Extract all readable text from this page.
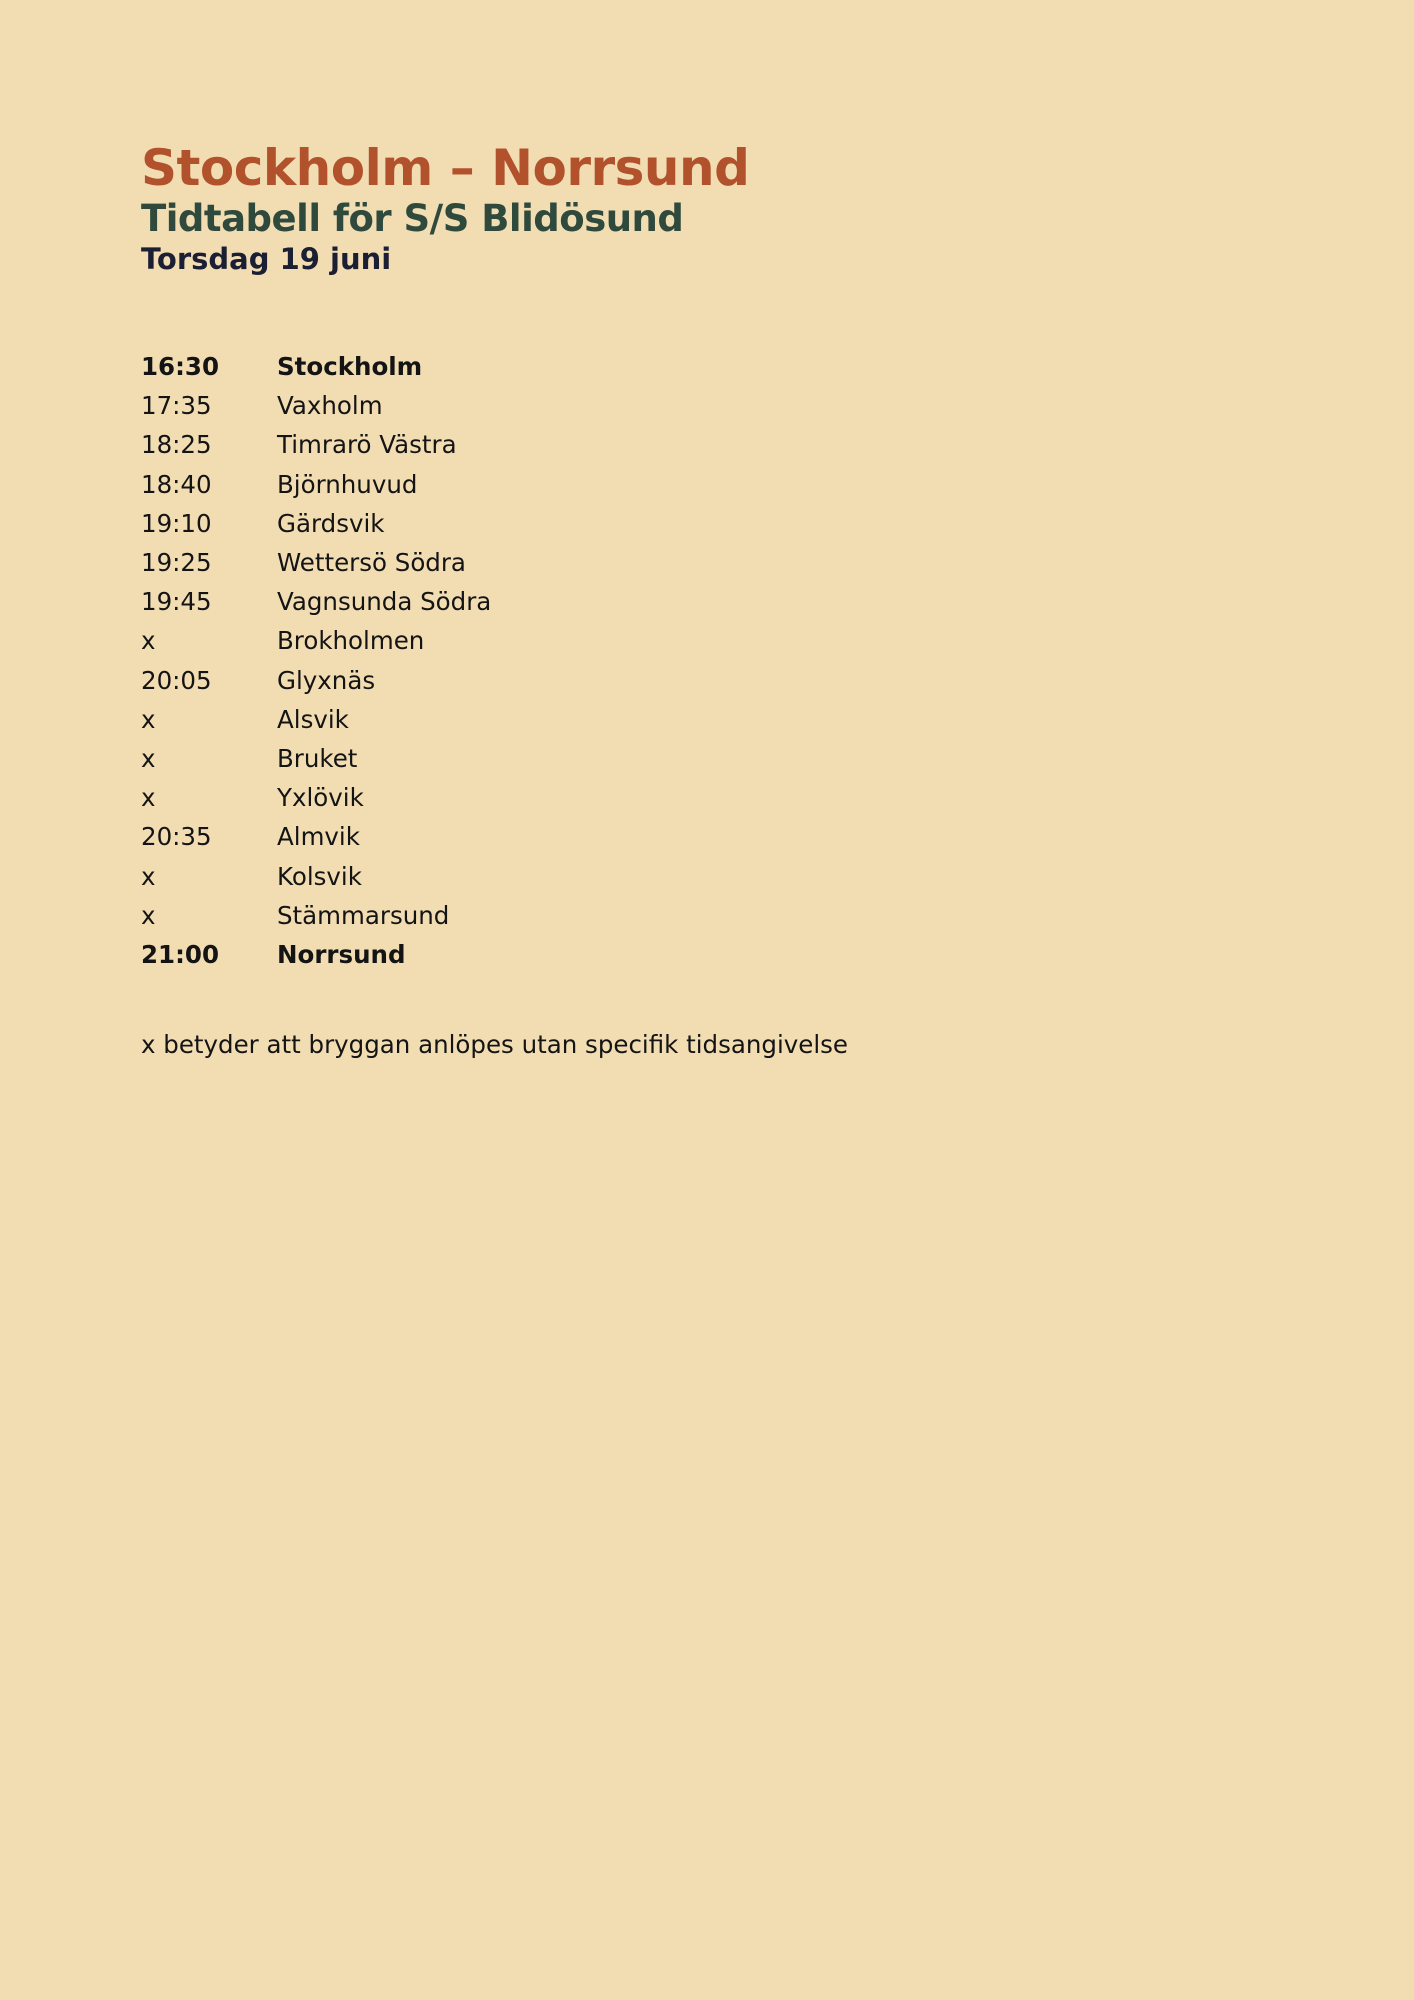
Stockholm – Norrsund
Tidtabell för S/S Blidösund
Torsdag 19 juni
16:30	Stockholm
17:35	Vaxholm
18:25	Timrarö Västra
18:40	Björnhuvud
19:10	Gärdsvik
19:25	Wettersö Södra
19:45	Vagnsunda Södra
x	Brokholmen
20:05	Glyxnäs
x	Alsvik
x	Bruket
x	Yxlövik
20:35	Almvik
x	Kolsvik
x	Stämmarsund
21:00	Norrsund
x betyder att bryggan anlöpes utan specifik tidsangivelse
